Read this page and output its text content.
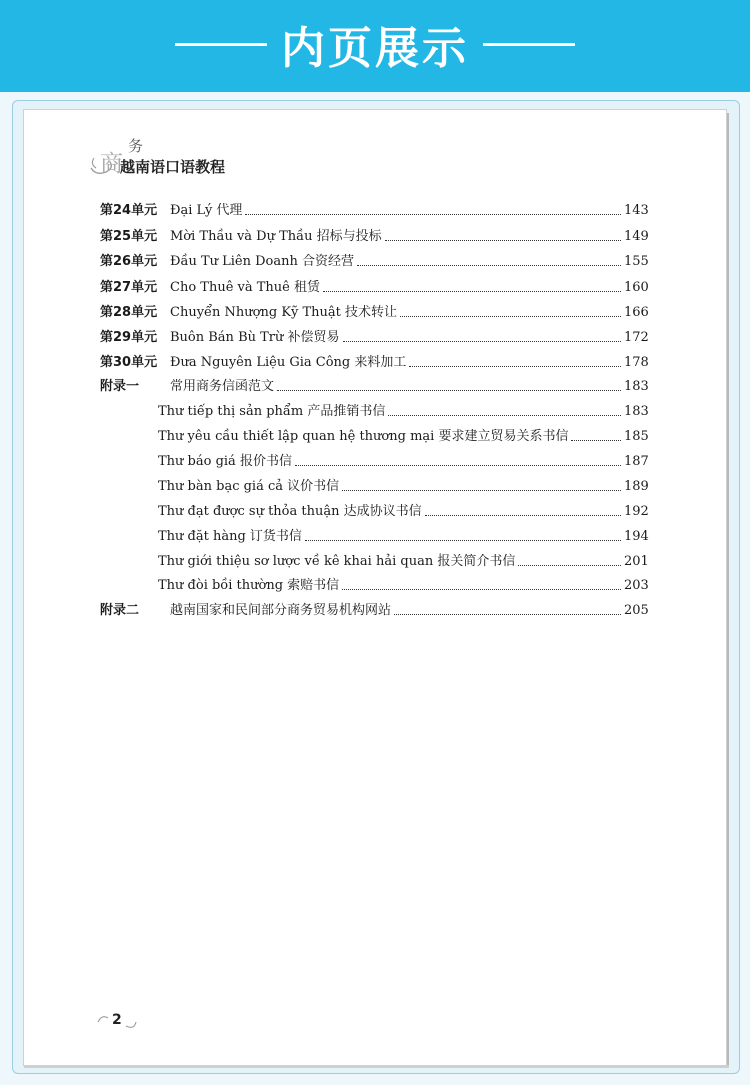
内页展示
商
务
越南语口语教程
第24单元 Đại Lý 代理	143
第25单元 Mời Thầu và Dự Thầu 招标与投标	149
第26单元 Đầu Tư Liên Doanh 合资经营	155
第27单元 Cho Thuê và Thuê 租赁	160
第28单元 Chuyển Nhượng Kỹ Thuật 技术转让	166
第29单元 Buôn Bán Bù Trừ 补偿贸易	172
第30单元 Đưa Nguyên Liệu Gia Công 来料加工	178
附录一	常用商务信函范文	183
Thư tiếp thị sản phẩm 产品推销书信	183
Thư yêu cầu thiết lập quan hệ thương mại 要求建立贸易关系书信	185
Thư báo giá 报价书信	187
Thư bàn bạc giá cả 议价书信	189
Thư đạt được sự thỏa thuận 达成协议书信	192
Thư đặt hàng 订货书信	194
Thư giới thiệu sơ lược về kê khai hải quan 报关简介书信	201
Thư đòi bồi thường 索赔书信	203
附录二	越南国家和民间部分商务贸易机构网站	205
2
